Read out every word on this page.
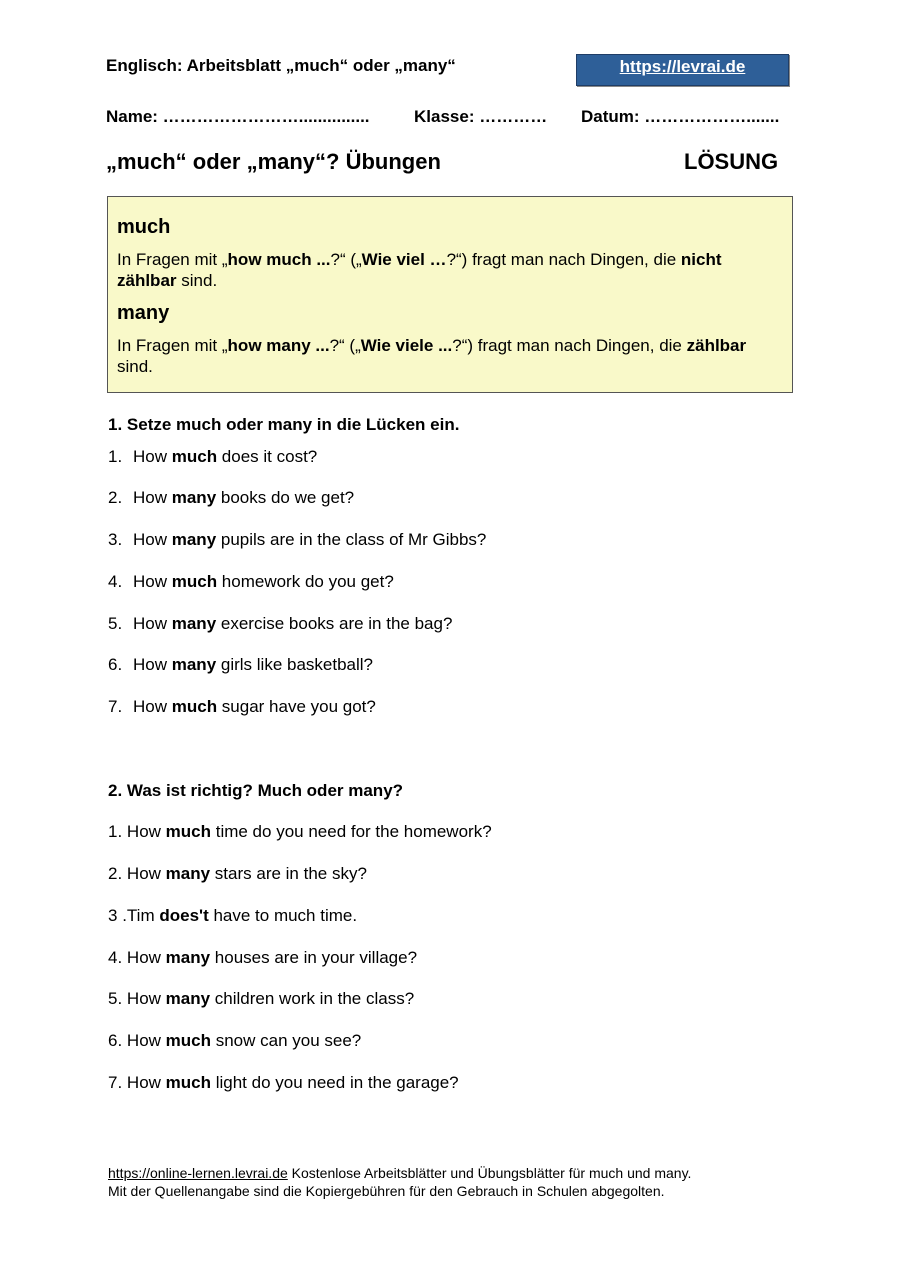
Englisch: Arbeitsblatt „much“ oder „many“	https://levrai.de
Name: ……………………...............	Klasse: ………… Datum: ……………….......
„much“ oder „many“? Übungen	LÖSUNG
much
In Fragen mit „how much ...?“ („Wie viel …?“) fragt man nach Dingen, die nicht zählbar sind.
many
In Fragen mit „how many ...?“ („Wie viele ...?“) fragt man nach Dingen, die zählbar sind.
1. Setze much oder many in die Lücken ein.
1. How much does it cost?
2. How many books do we get?
3. How many pupils are in the class of Mr Gibbs?
4. How much homework do you get?
5. How many exercise books are in the bag?
6. How many girls like basketball?
7. How much sugar have you got?
2. Was ist richtig? Much oder many?
1. How much time do you need for the homework?
2. How many stars are in the sky?
3 .Tim does't have to much time.
4. How many houses are in your village?
5. How many children work in the class?
6. How much snow can you see?
7. How much light do you need in the garage?
https://online-lernen.levrai.de Kostenlose Arbeitsblätter und Übungsblätter für much und many.
Mit der Quellenangabe sind die Kopiergebühren für den Gebrauch in Schulen abgegolten.
